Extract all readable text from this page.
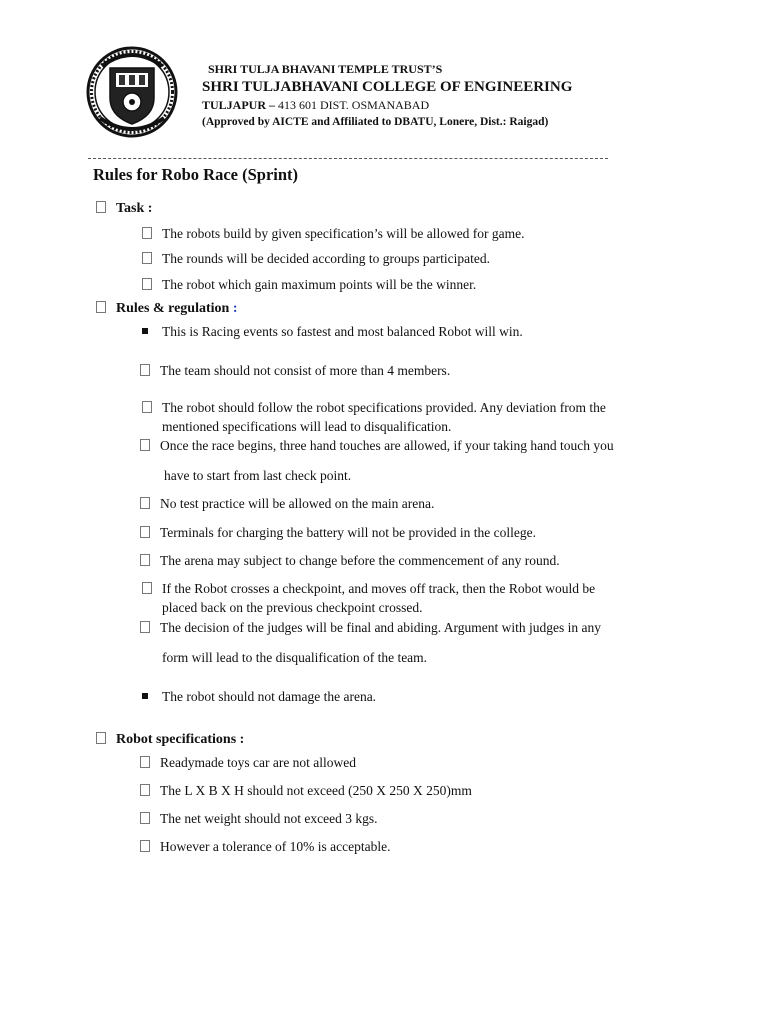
SHRI TULJA BHAVANI TEMPLE TRUST’S
SHRI TULJABHAVANI COLLEGE OF ENGINEERING
TULJAPUR – 413 601 DIST. OSMANABAD
(Approved by AICTE and Affiliated to DBATU, Lonere, Dist.: Raigad)
Rules for Robo Race (Sprint)
Task :
The robots build by given specification’s will be allowed for game.
The rounds will be decided according to groups participated.
The robot which gain maximum points will be the winner.
Rules & regulation :
This is Racing events so fastest and most balanced Robot will win.
The team should not consist of more than 4 members.
The robot should follow the robot specifications provided. Any deviation from the
mentioned specifications will lead to disqualification.
Once the race begins, three hand touches are allowed, if your taking hand touch you
have to start from last check point.
No test practice will be allowed on the main arena.
Terminals for charging the battery will not be provided in the college.
The arena may subject to change before the commencement of any round.
If the Robot crosses a checkpoint, and moves off track, then the Robot would be
placed back on the previous checkpoint crossed.
The decision of the judges will be final and abiding. Argument with judges in any
form will lead to the disqualification of the team.
The robot should not damage the arena.
Robot specifications :
Readymade toys car are not allowed
The L X B X H should not exceed (250 X 250 X 250)mm
The net weight should not exceed 3 kgs.
However a tolerance of 10% is acceptable.
